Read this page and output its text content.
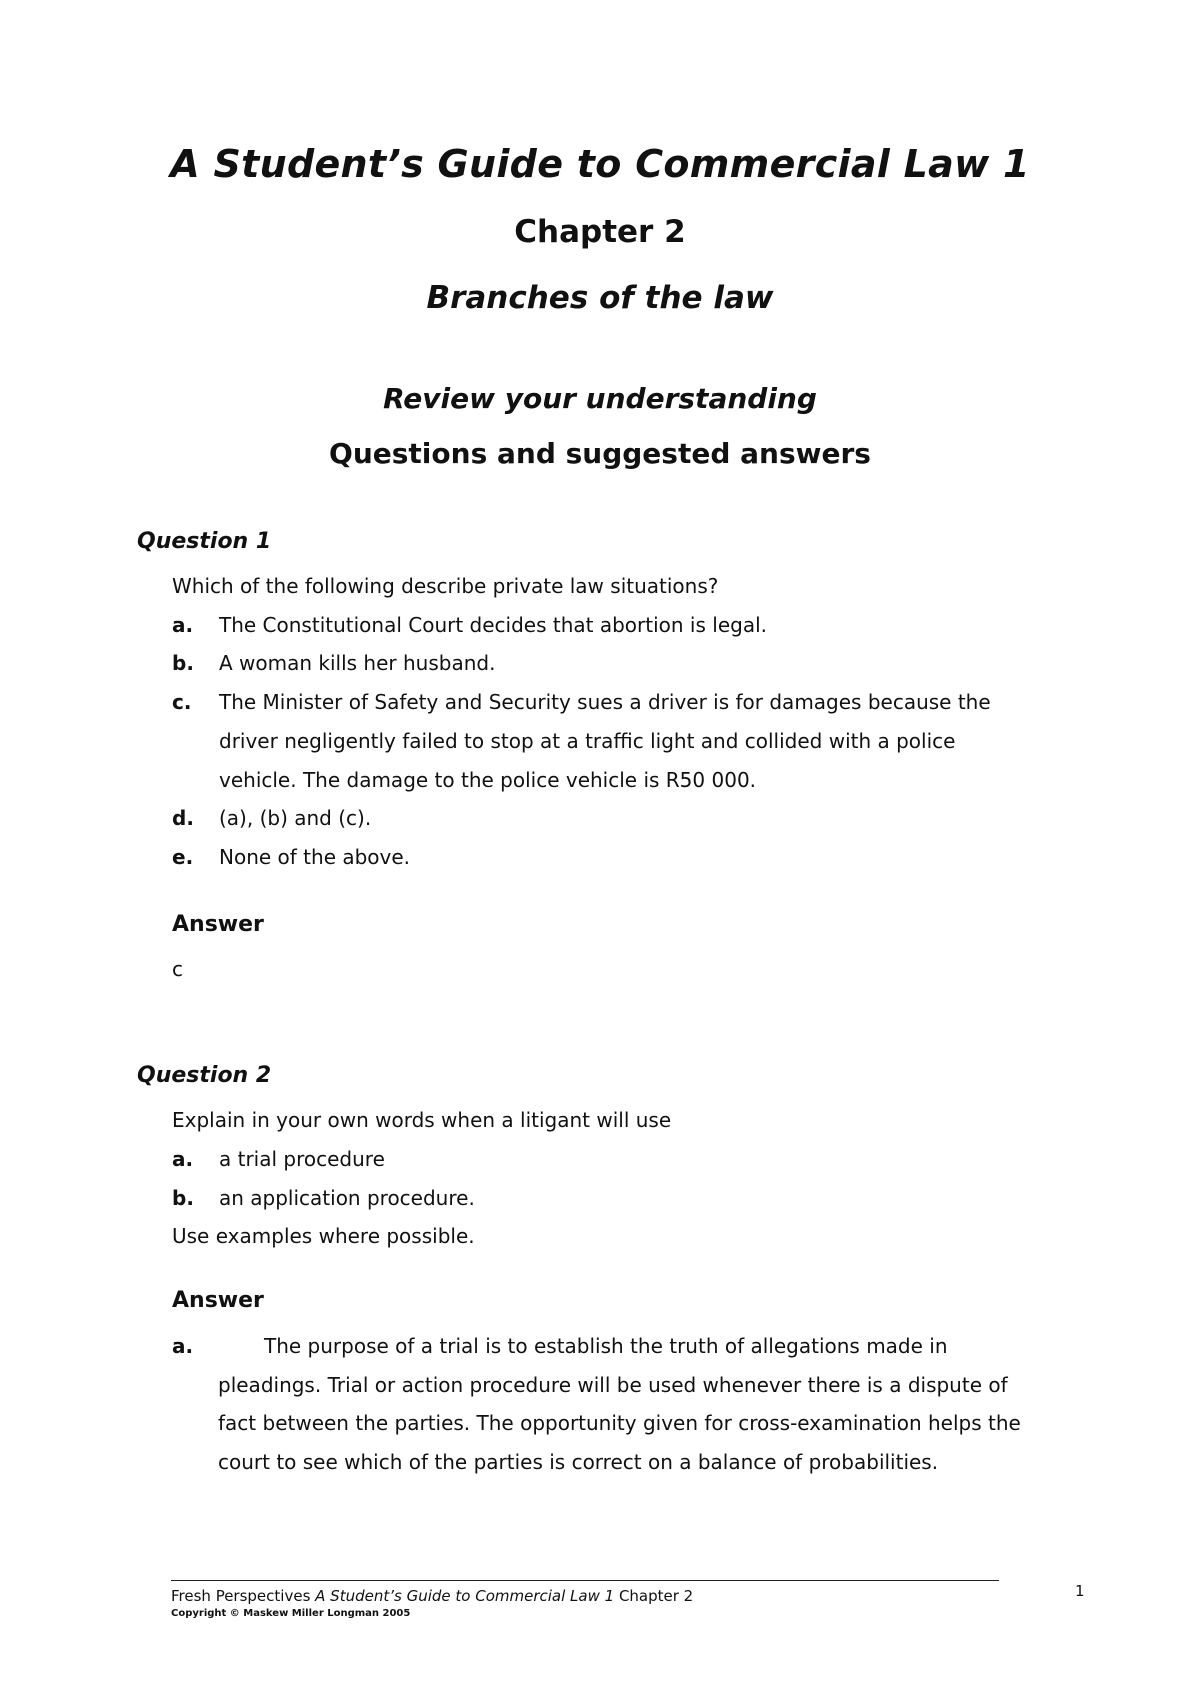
A Student’s Guide to Commercial Law 1
Chapter 2
Branches of the law
Review your understanding
Questions and suggested answers
Question 1
Which of the following describe private law situations?
a. The Constitutional Court decides that abortion is legal.
b. A woman kills her husband.
c. The Minister of Safety and Security sues a driver is for damages because the
driver negligently failed to stop at a traffic light and collided with a police
vehicle. The damage to the police vehicle is R50 000.
d. (a), (b) and (c).
e. None of the above.
Answer
c
Question 2
Explain in your own words when a litigant will use
a. a trial procedure
b. an application procedure.
Use examples where possible.
Answer
a.	The purpose of a trial is to establish the truth of allegations made in
pleadings. Trial or action procedure will be used whenever there is a dispute of
fact between the parties. The opportunity given for cross-examination helps the
court to see which of the parties is correct on a balance of probabilities.
Fresh Perspectives A Student’s Guide to Commercial Law 1 Chapter 2
Copyright © Maskew Miller Longman 2005
1
